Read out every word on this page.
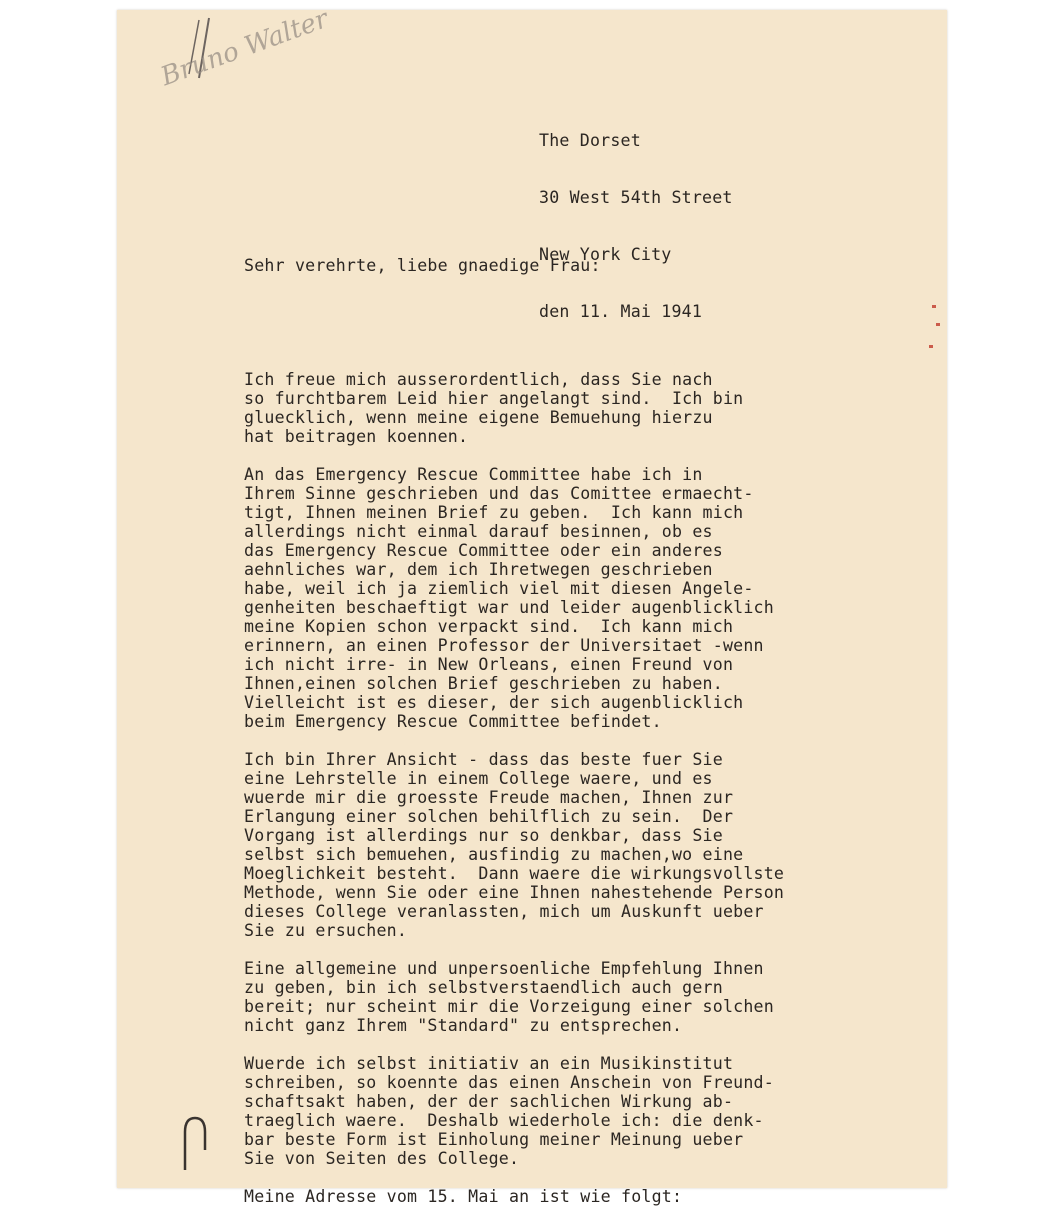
Bruno Walter

The Dorset

30 West 54th Street

New York City

den 11. Mai 1941

Sehr verehrte, liebe gnaedige Frau:

Ich freue mich ausserordentlich, dass Sie nach
so furchtbarem Leid hier angelangt sind.  Ich bin
gluecklich, wenn meine eigene Bemuehung hierzu
hat beitragen koennen.
An das Emergency Rescue Committee habe ich in
Ihrem Sinne geschrieben und das Comittee ermaecht-
tigt, Ihnen meinen Brief zu geben.  Ich kann mich
allerdings nicht einmal darauf besinnen, ob es
das Emergency Rescue Committee oder ein anderes
aehnliches war, dem ich Ihretwegen geschrieben
habe, weil ich ja ziemlich viel mit diesen Angele-
genheiten beschaeftigt war und leider augenblicklich
meine Kopien schon verpackt sind.  Ich kann mich
erinnern, an einen Professor der Universitaet -wenn
ich nicht irre- in New Orleans, einen Freund von
Ihnen,einen solchen Brief geschrieben zu haben.
Vielleicht ist es dieser, der sich augenblicklich
beim Emergency Rescue Committee befindet.
Ich bin Ihrer Ansicht - dass das beste fuer Sie
eine Lehrstelle in einem College waere, und es
wuerde mir die groesste Freude machen, Ihnen zur
Erlangung einer solchen behilflich zu sein.  Der
Vorgang ist allerdings nur so denkbar, dass Sie
selbst sich bemuehen, ausfindig zu machen,wo eine
Moeglichkeit besteht.  Dann waere die wirkungsvollste
Methode, wenn Sie oder eine Ihnen nahestehende Person
dieses College veranlassten, mich um Auskunft ueber
Sie zu ersuchen.
Eine allgemeine und unpersoenliche Empfehlung Ihnen
zu geben, bin ich selbstverstaendlich auch gern
bereit; nur scheint mir die Vorzeigung einer solchen
nicht ganz Ihrem "Standard" zu entsprechen.
Wuerde ich selbst initiativ an ein Musikinstitut
schreiben, so koennte das einen Anschein von Freund-
schaftsakt haben, der der sachlichen Wirkung ab-
traeglich waere.  Deshalb wiederhole ich: die denk-
bar beste Form ist Einholung meiner Meinung ueber
Sie von Seiten des College.
Meine Adresse vom 15. Mai an ist wie folgt:
